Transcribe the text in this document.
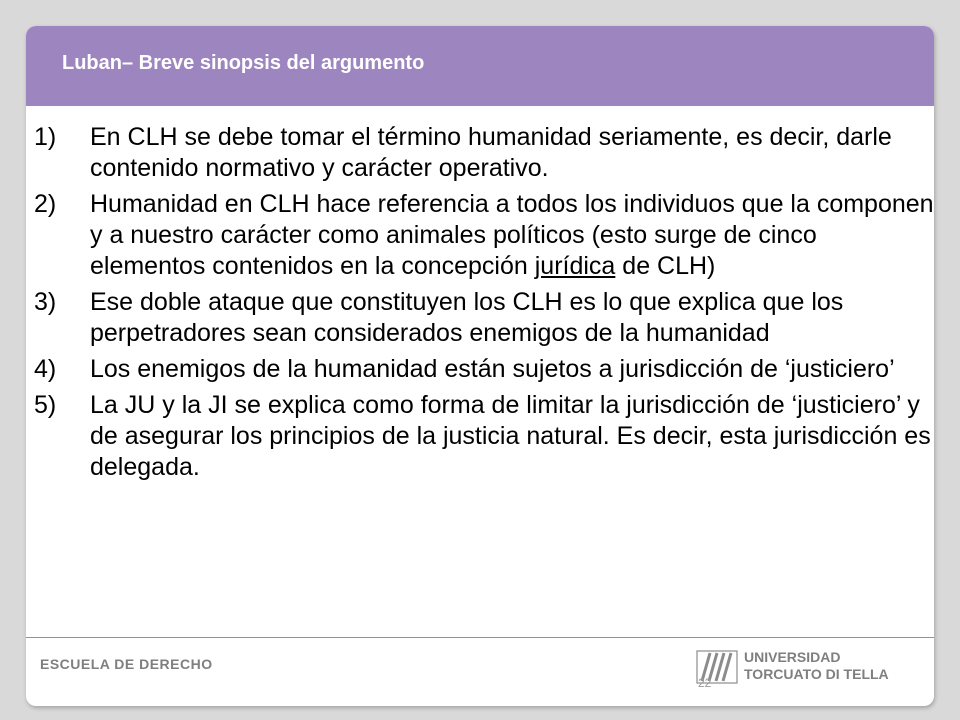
Luban– Breve sinopsis del argumento
1)	En CLH se debe tomar el término humanidad seriamente, es decir, darle contenido normativo y carácter operativo.
2)	Humanidad en CLH hace referencia a todos los individuos que la componen y a nuestro carácter como animales políticos (esto surge de cinco elementos contenidos en la concepción jurídica de CLH)
3)	Ese doble ataque que constituyen los CLH es lo que explica que los perpetradores sean considerados enemigos de la humanidad
4)	Los enemigos de la humanidad están sujetos a jurisdicción de ‘justiciero’
5)	La JU y la JI se explica como forma de limitar la jurisdicción de ‘justiciero’ y de asegurar los principios de la justicia natural. Es decir, esta jurisdicción es delegada.
ESCUELA DE DERECHO	UNIVERSIDAD
TORCUATO DI TELLA
22
